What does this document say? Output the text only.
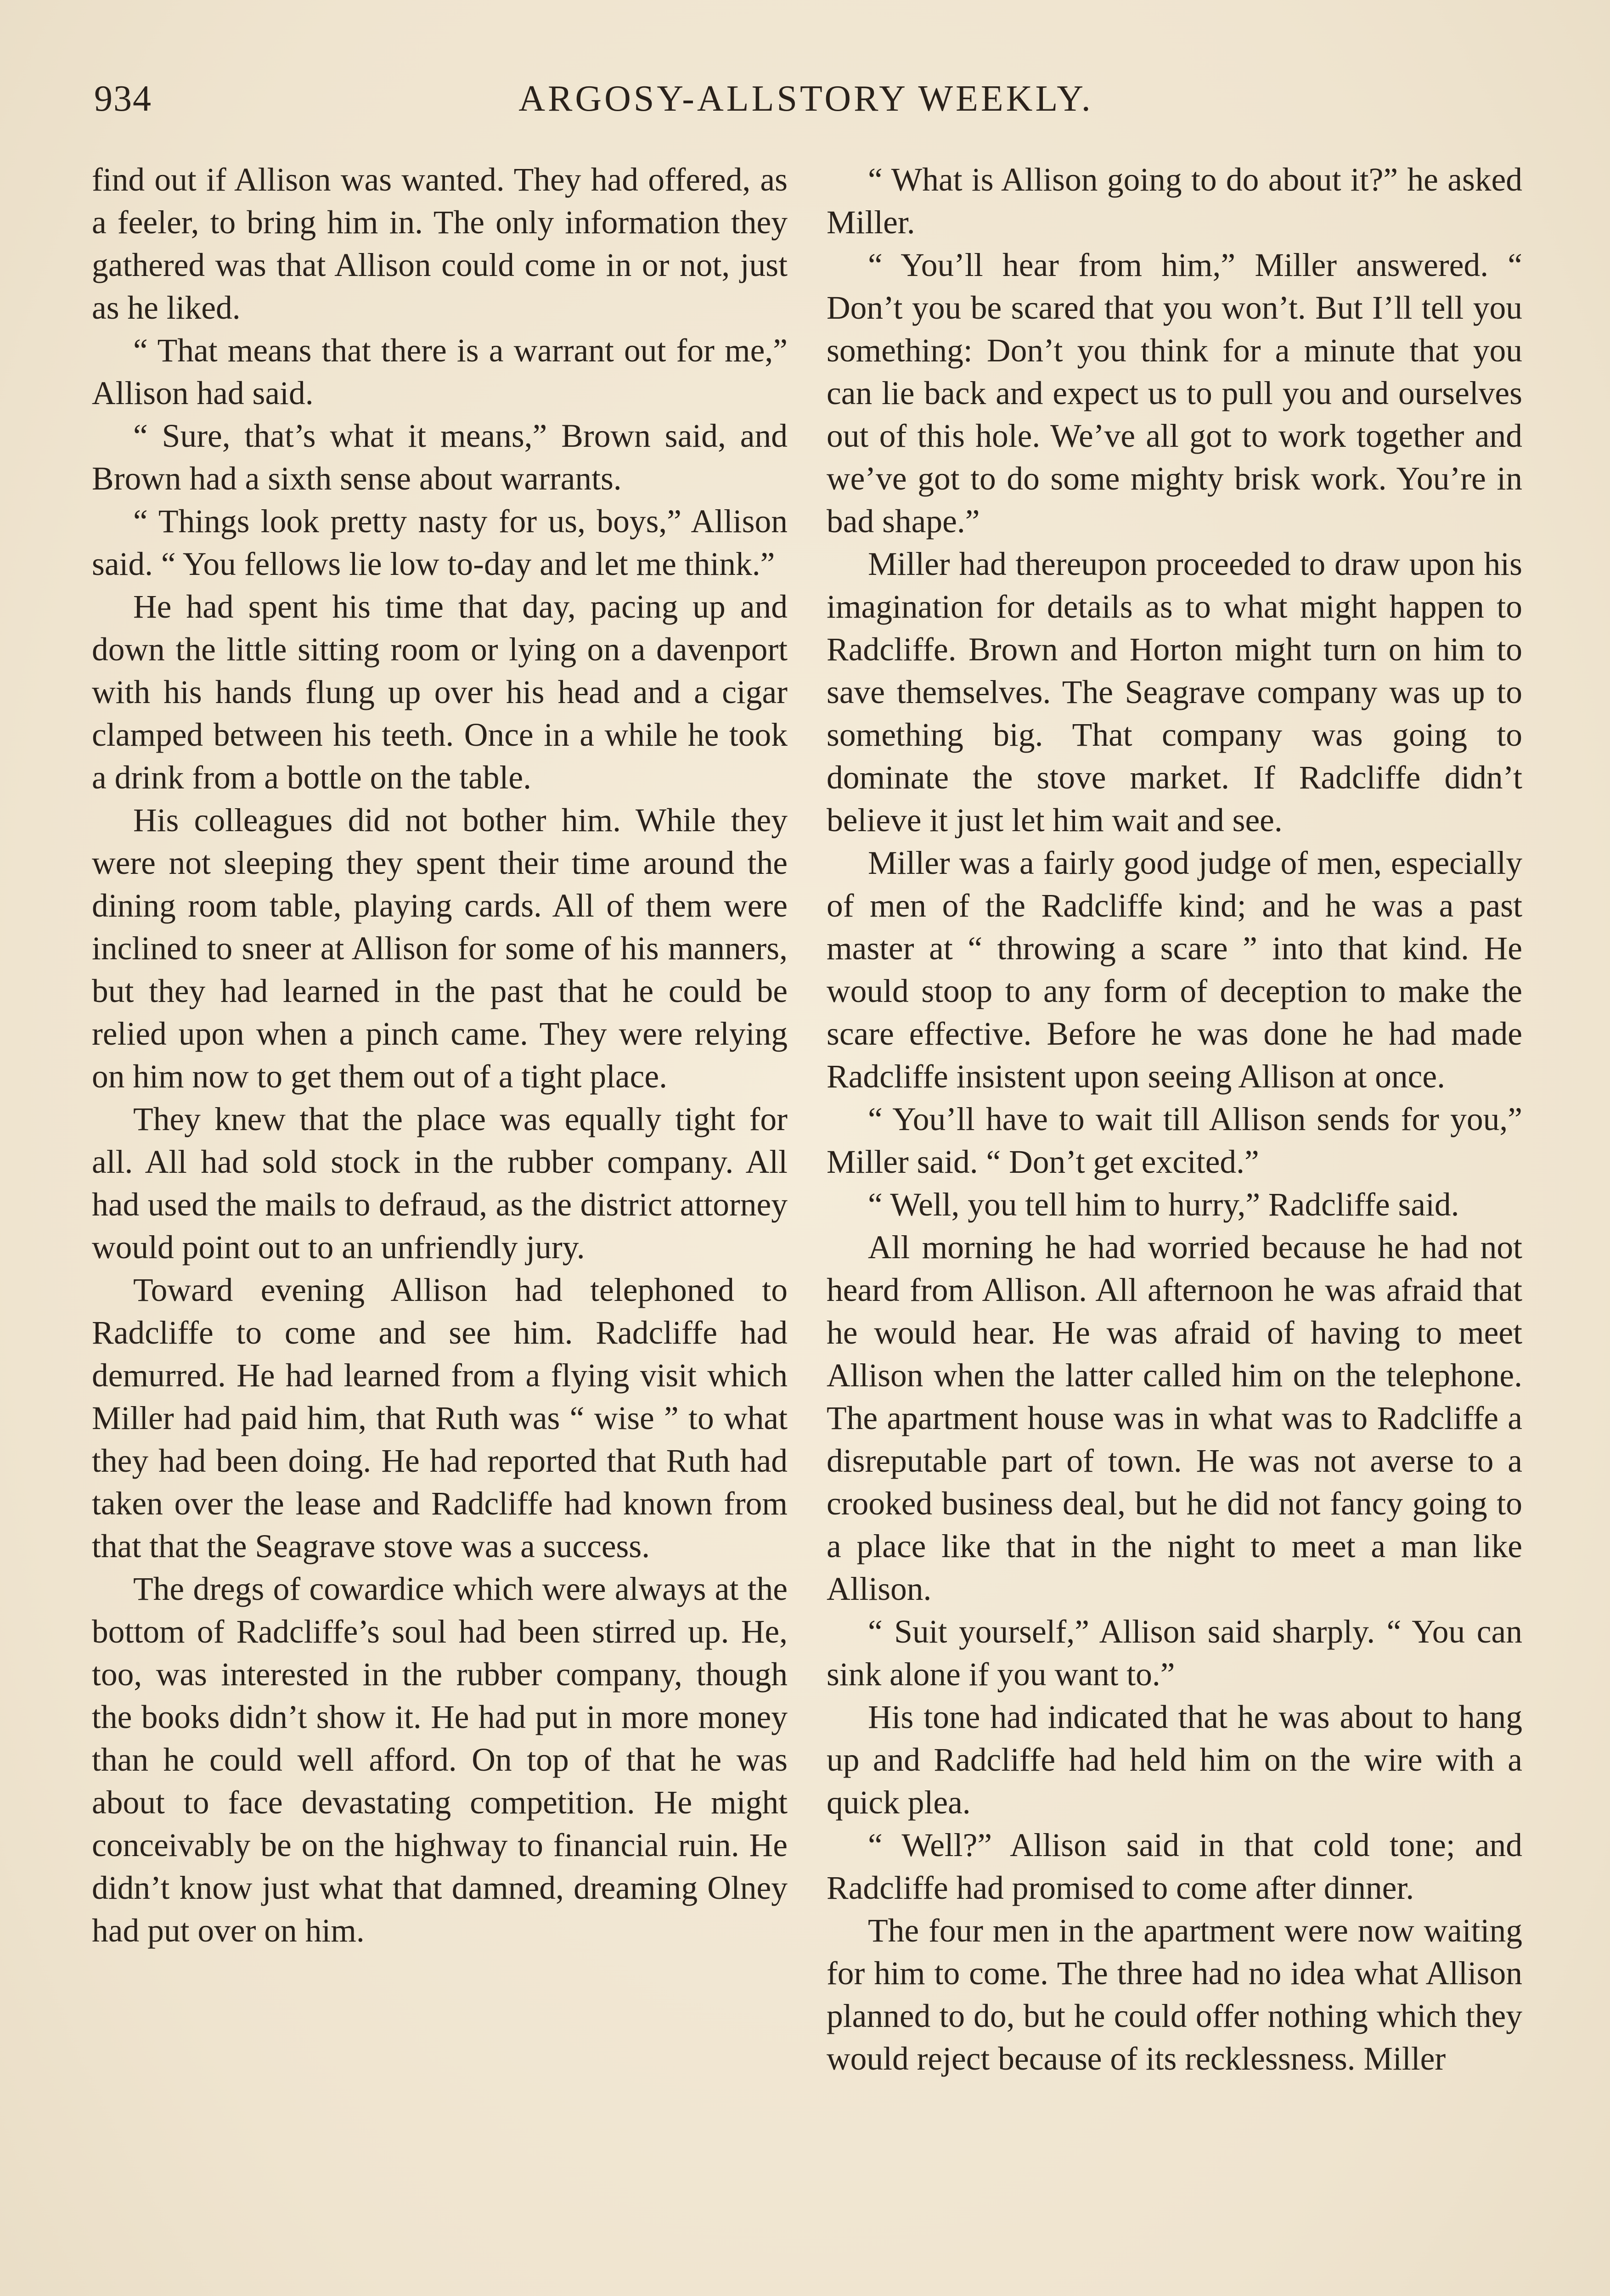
934	ARGOSY-ALLSTORY WEEKLY.

find out if Allison was wanted. They had offered, as a feeler, to bring him in. The only information they gathered was that Allison could come in or not, just as he liked.

“ That means that there is a warrant out for me,” Allison had said.

“ Sure, that’s what it means,” Brown said, and Brown had a sixth sense about warrants.

“ Things look pretty nasty for us, boys,” Allison said. “ You fellows lie low to-day and let me think.”

He had spent his time that day, pacing up and down the little sitting room or lying on a davenport with his hands flung up over his head and a cigar clamped between his teeth. Once in a while he took a drink from a bottle on the table.

His colleagues did not bother him. While they were not sleeping they spent their time around the dining room table, playing cards. All of them were inclined to sneer at Allison for some of his manners, but they had learned in the past that he could be relied upon when a pinch came. They were relying on him now to get them out of a tight place.

They knew that the place was equally tight for all. All had sold stock in the rubber company. All had used the mails to defraud, as the district attorney would point out to an unfriendly jury.

Toward evening Allison had telephoned to Radcliffe to come and see him. Radcliffe had demurred. He had learned from a flying visit which Miller had paid him, that Ruth was “ wise ” to what they had been doing. He had reported that Ruth had taken over the lease and Radcliffe had known from that that the Seagrave stove was a success.

The dregs of cowardice which were always at the bottom of Radcliffe’s soul had been stirred up. He, too, was interested in the rubber company, though the books didn’t show it. He had put in more money than he could well afford. On top of that he was about to face devastating competition. He might conceivably be on the highway to financial ruin. He didn’t know just what that damned, dreaming Olney had put over on him.

“ What is Allison going to do about it?” he asked Miller.

“ You’ll hear from him,” Miller answered. “ Don’t you be scared that you won’t. But I’ll tell you something: Don’t you think for a minute that you can lie back and expect us to pull you and ourselves out of this hole. We’ve all got to work together and we’ve got to do some mighty brisk work. You’re in bad shape.”

Miller had thereupon proceeded to draw upon his imagination for details as to what might happen to Radcliffe. Brown and Horton might turn on him to save themselves. The Seagrave company was up to something big. That company was going to dominate the stove market. If Radcliffe didn’t believe it just let him wait and see.

Miller was a fairly good judge of men, especially of men of the Radcliffe kind; and he was a past master at “ throwing a scare ” into that kind. He would stoop to any form of deception to make the scare effective. Before he was done he had made Radcliffe insistent upon seeing Allison at once.

“ You’ll have to wait till Allison sends for you,” Miller said. “ Don’t get excited.”

“ Well, you tell him to hurry,” Radcliffe said.

All morning he had worried because he had not heard from Allison. All afternoon he was afraid that he would hear. He was afraid of having to meet Allison when the latter called him on the telephone. The apartment house was in what was to Radcliffe a disreputable part of town. He was not averse to a crooked business deal, but he did not fancy going to a place like that in the night to meet a man like Allison.

“ Suit yourself,” Allison said sharply. “ You can sink alone if you want to.”

His tone had indicated that he was about to hang up and Radcliffe had held him on the wire with a quick plea.

“ Well?” Allison said in that cold tone; and Radcliffe had promised to come after dinner.

The four men in the apartment were now waiting for him to come. The three had no idea what Allison planned to do, but he could offer nothing which they would reject because of its recklessness. Miller
